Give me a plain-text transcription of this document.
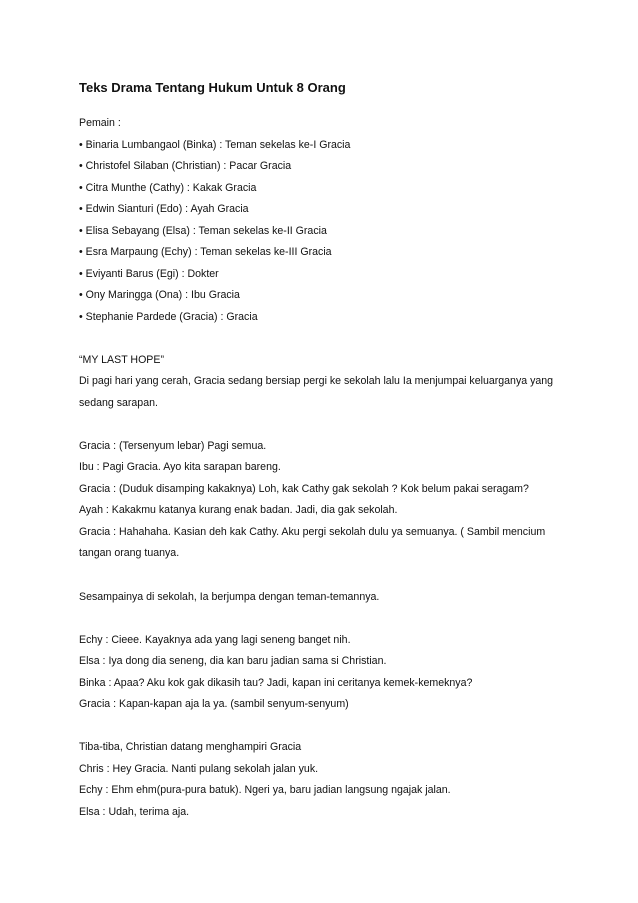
Teks Drama Tentang Hukum Untuk 8 Orang
Pemain :
• Binaria Lumbangaol (Binka) : Teman sekelas ke-I Gracia
• Christofel Silaban (Christian) : Pacar Gracia
• Citra Munthe (Cathy) : Kakak Gracia
• Edwin Sianturi (Edo) : Ayah Gracia
• Elisa Sebayang (Elsa) : Teman sekelas ke-II Gracia
• Esra Marpaung (Echy) : Teman sekelas ke-III Gracia
• Eviyanti Barus (Egi) : Dokter
• Ony Maringga (Ona) : Ibu Gracia
• Stephanie Pardede (Gracia) : Gracia
“MY LAST HOPE”
Di pagi hari yang cerah, Gracia sedang bersiap pergi ke sekolah lalu Ia menjumpai keluarganya yang
sedang sarapan.
Gracia : (Tersenyum lebar) Pagi semua.
Ibu : Pagi Gracia. Ayo kita sarapan bareng.
Gracia : (Duduk disamping kakaknya) Loh, kak Cathy gak sekolah ? Kok belum pakai seragam?
Ayah : Kakakmu katanya kurang enak badan. Jadi, dia gak sekolah.
Gracia : Hahahaha. Kasian deh kak Cathy. Aku pergi sekolah dulu ya semuanya. ( Sambil mencium
tangan orang tuanya.
Sesampainya di sekolah, Ia berjumpa dengan teman-temannya.
Echy : Cieee. Kayaknya ada yang lagi seneng banget nih.
Elsa : Iya dong dia seneng, dia kan baru jadian sama si Christian.
Binka : Apaa? Aku kok gak dikasih tau? Jadi, kapan ini ceritanya kemek-kemeknya?
Gracia : Kapan-kapan aja la ya. (sambil senyum-senyum)
Tiba-tiba, Christian datang menghampiri Gracia
Chris : Hey Gracia. Nanti pulang sekolah jalan yuk.
Echy : Ehm ehm(pura-pura batuk). Ngeri ya, baru jadian langsung ngajak jalan.
Elsa : Udah, terima aja.
